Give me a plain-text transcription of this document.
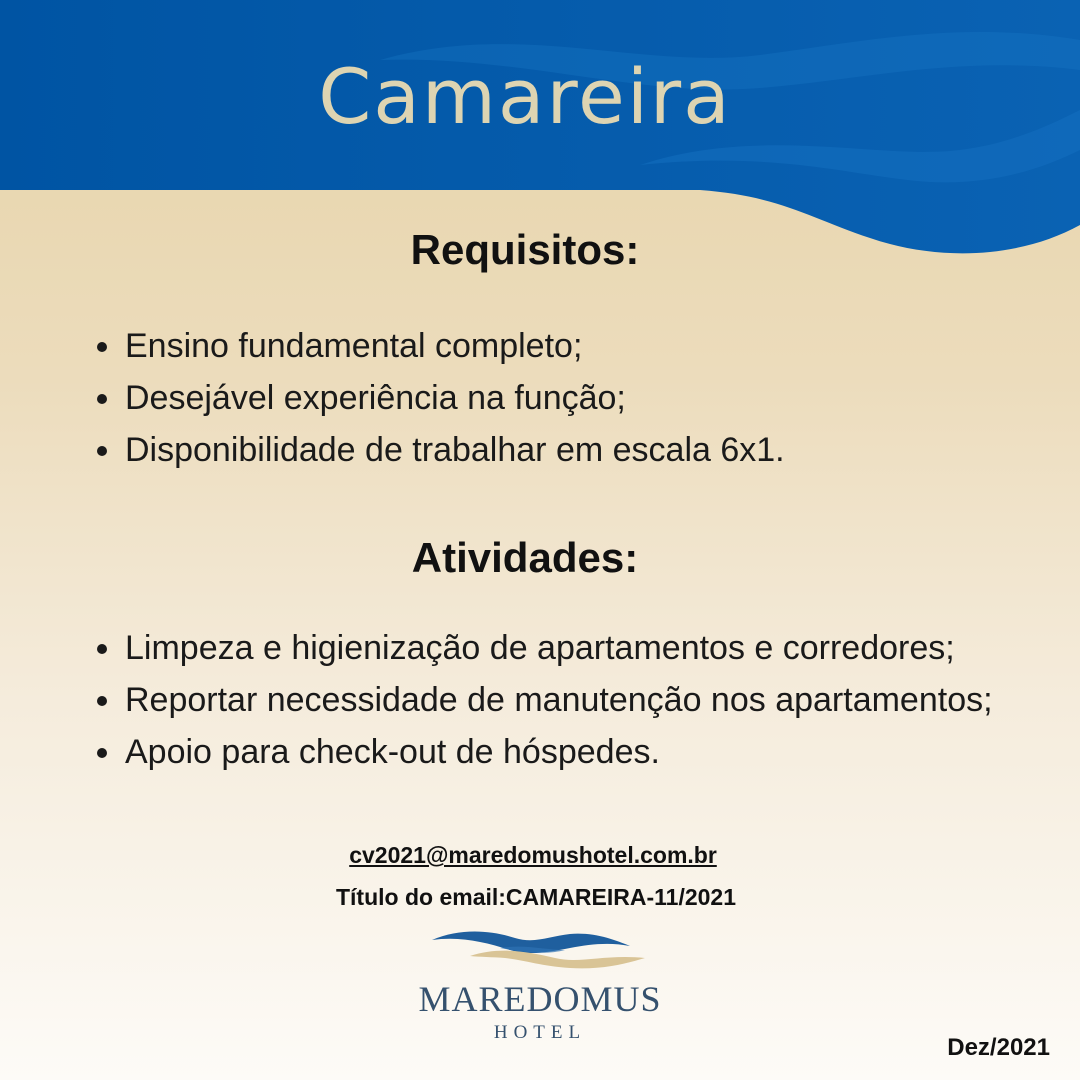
Camareira
Requisitos:
Ensino fundamental completo;
Desejável experiência na função;
Disponibilidade de trabalhar em escala 6x1.
Atividades:
Limpeza e higienização de apartamentos e corredores;
Reportar necessidade de manutenção nos apartamentos;
Apoio para check-out de hóspedes.
cv2021@maredomushotel.com.br
Título do email:CAMAREIRA-11/2021
MAREDOMUS
HOTEL
Dez/2021
